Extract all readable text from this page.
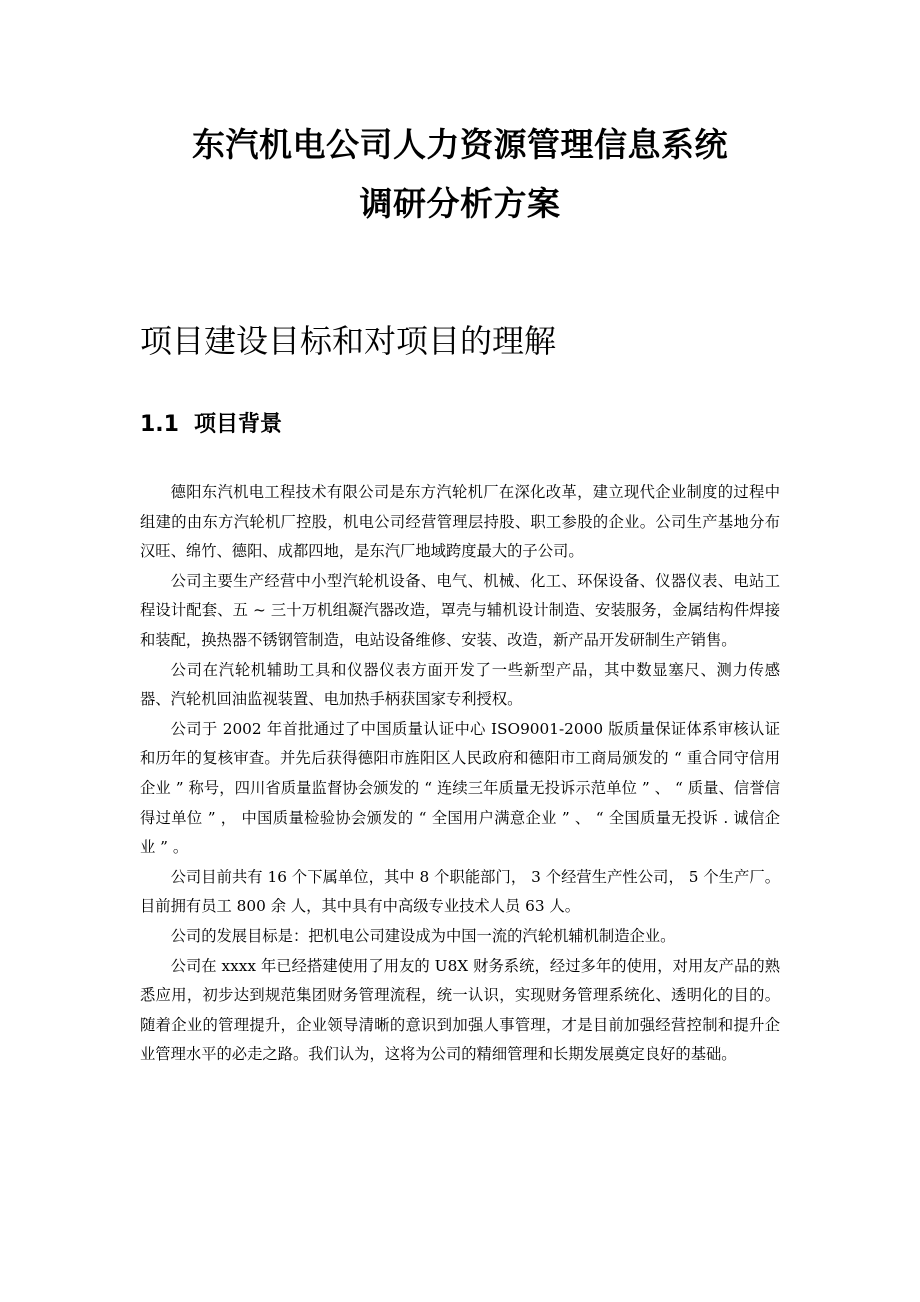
东汽机电公司人力资源管理信息系统
调研分析方案
项目建设目标和对项目的理解
1.1 项目背景

德阳东汽机电工程技术有限公司是东方汽轮机厂在深化改革，建立现代企业制度的过程中组建的由东方汽轮机厂控股，机电公司经营管理层持股、职工参股的企业。公司生产基地分布汉旺、绵竹、德阳、成都四地，是东汽厂地域跨度最大的子公司。

公司主要生产经营中小型汽轮机设备、电气、机械、化工、环保设备、仪器仪表、电站工程设计配套、五 ~ 三十万机组凝汽器改造，罩壳与辅机设计制造、安装服务，金属结构件焊接和装配，换热器不锈钢管制造，电站设备维修、安装、改造，新产品开发研制生产销售。

公司在汽轮机辅助工具和仪器仪表方面开发了一些新型产品，其中数显塞尺、测力传感器、汽轮机回油监视装置、电加热手柄获国家专利授权。

公司于 2002 年首批通过了中国质量认证中心 ISO9001-2000 版质量保证体系审核认证和历年的复核审查。并先后获得德阳市旌阳区人民政府和德阳市工商局颁发的 “ 重合同守信用企业 ” 称号，四川省质量监督协会颁发的 “ 连续三年质量无投诉示范单位 ” 、 “ 质量、信誉信得过单位 ” ， 中国质量检验协会颁发的 “ 全国用户满意企业 ” 、 “ 全国质量无投诉 . 诚信企业 ” 。

公司目前共有 16 个下属单位，其中 8 个职能部门， 3 个经营生产性公司， 5 个生产厂。目前拥有员工 800 余 人，其中具有中高级专业技术人员 63 人。

公司的发展目标是：把机电公司建设成为中国一流的汽轮机辅机制造企业。

公司在 xxxx 年已经搭建使用了用友的 U8X 财务系统，经过多年的使用，对用友产品的熟悉应用，初步达到规范集团财务管理流程，统一认识，实现财务管理系统化、透明化的目的。随着企业的管理提升，企业领导清晰的意识到加强人事管理，才是目前加强经营控制和提升企业管理水平的必走之路。我们认为，这将为公司的精细管理和长期发展奠定良好的基础。
